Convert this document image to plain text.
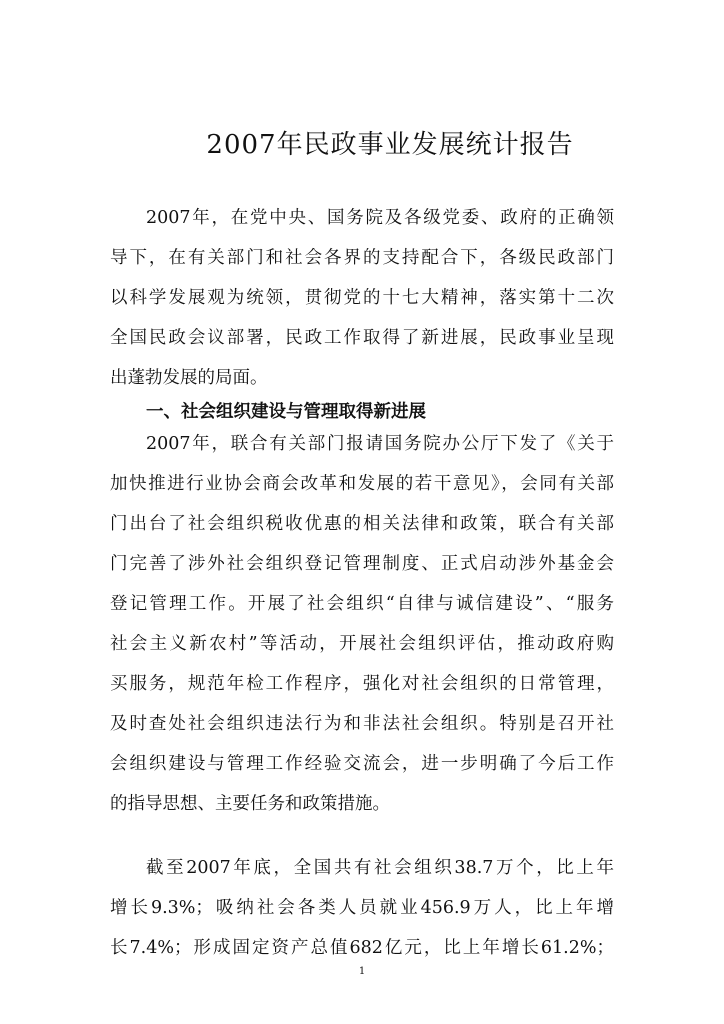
2007年民政事业发展统计报告
2007年，在党中央、国务院及各级党委、政府的正确领
导下，在有关部门和社会各界的支持配合下，各级民政部门
以科学发展观为统领，贯彻党的十七大精神，落实第十二次
全国民政会议部署，民政工作取得了新进展，民政事业呈现
出蓬勃发展的局面。
一、社会组织建设与管理取得新进展
2007年，联合有关部门报请国务院办公厅下发了《关于
加快推进行业协会商会改革和发展的若干意见》，会同有关部
门出台了社会组织税收优惠的相关法律和政策，联合有关部
门完善了涉外社会组织登记管理制度、正式启动涉外基金会
登记管理工作。开展了社会组织“自律与诚信建设”、“服务
社会主义新农村”等活动，开展社会组织评估，推动政府购
买服务，规范年检工作程序，强化对社会组织的日常管理，
及时查处社会组织违法行为和非法社会组织。特别是召开社
会组织建设与管理工作经验交流会，进一步明确了今后工作
的指导思想、主要任务和政策措施。
截至2007年底，全国共有社会组织38.7万个，比上年
增长9.3%；吸纳社会各类人员就业456.9万人，比上年增
长7.4%；形成固定资产总值682亿元，比上年增长61.2%；
1
